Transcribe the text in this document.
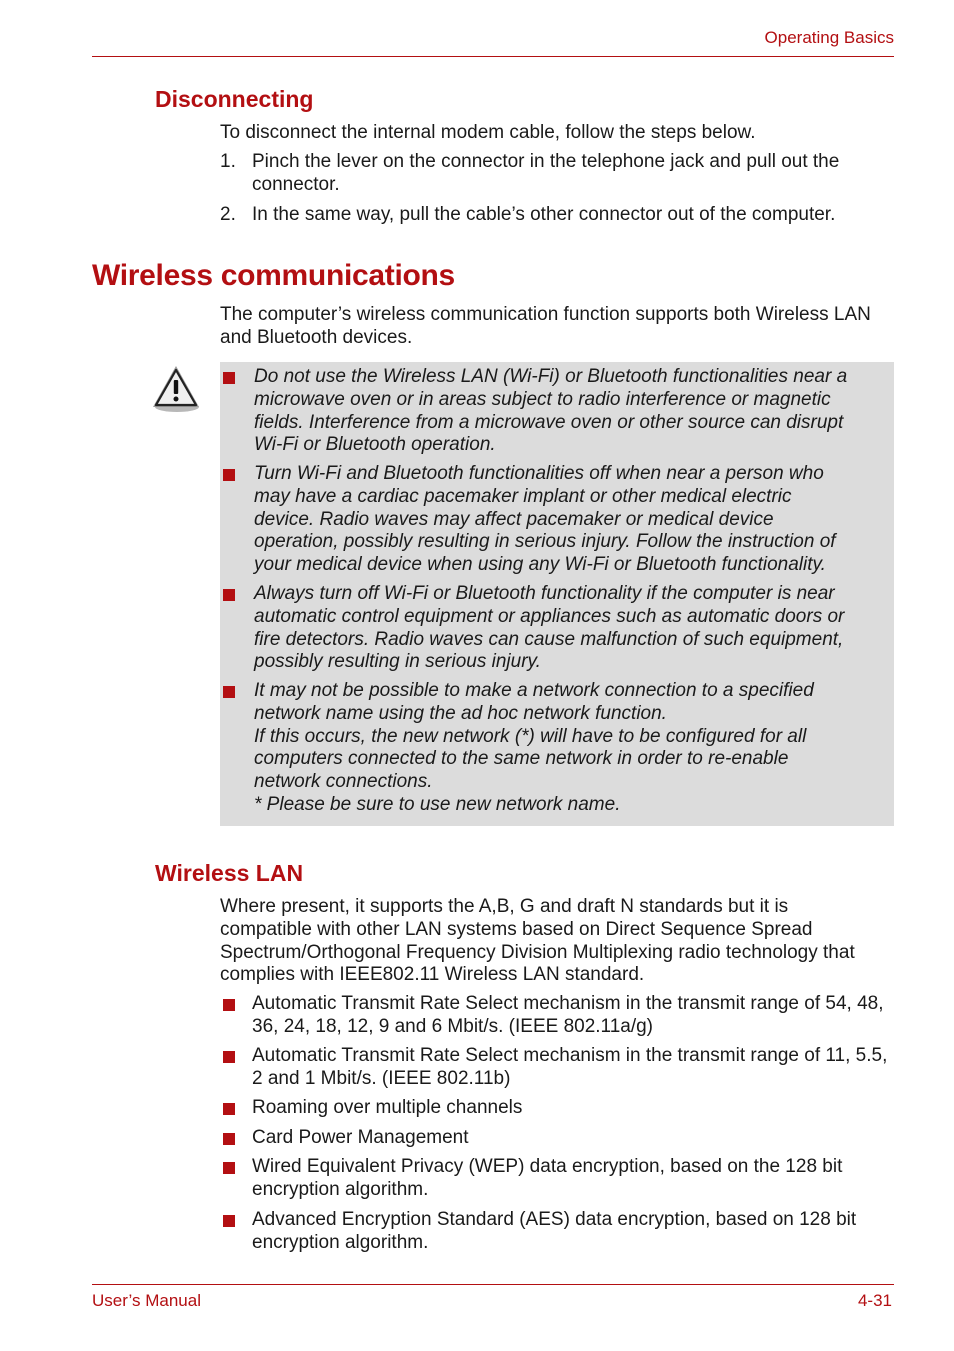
Operating Basics
Disconnecting

To disconnect the internal modem cable, follow the steps below.

1. Pinch the lever on the connector in the telephone jack and pull out the connector.
2. In the same way, pull the cable’s other connector out of the computer.
Wireless communications

The computer’s wireless communication function supports both Wireless LAN and Bluetooth devices.

Do not use the Wireless LAN (Wi-Fi) or Bluetooth functionalities near a
microwave oven or in areas subject to radio interference or magnetic
fields. Interference from a microwave oven or other source can disrupt
Wi-Fi or Bluetooth operation.
Turn Wi-Fi and Bluetooth functionalities off when near a person who
may have a cardiac pacemaker implant or other medical electric
device. Radio waves may affect pacemaker or medical device
operation, possibly resulting in serious injury. Follow the instruction of
your medical device when using any Wi-Fi or Bluetooth functionality.
Always turn off Wi-Fi or Bluetooth functionality if the computer is near
automatic control equipment or appliances such as automatic doors or
fire detectors. Radio waves can cause malfunction of such equipment,
possibly resulting in serious injury.
It may not be possible to make a network connection to a specified
network name using the ad hoc network function.
If this occurs, the new network (*) will have to be configured for all
computers connected to the same network in order to re-enable
network connections.
* Please be sure to use new network name.
Wireless LAN

Where present, it supports the A,B, G and draft N standards but it is compatible with other LAN systems based on Direct Sequence Spread Spectrum/Orthogonal Frequency Division Multiplexing radio technology that complies with IEEE802.11 Wireless LAN standard.

Automatic Transmit Rate Select mechanism in the transmit range of 54, 48, 36, 24, 18, 12, 9 and 6 Mbit/s. (IEEE 802.11a/g)
Automatic Transmit Rate Select mechanism in the transmit range of 11, 5.5, 2 and 1 Mbit/s. (IEEE 802.11b)
Roaming over multiple channels
Card Power Management
Wired Equivalent Privacy (WEP) data encryption, based on the 128 bit encryption algorithm.
Advanced Encryption Standard (AES) data encryption, based on 128 bit encryption algorithm.
User’s Manual	4-31
